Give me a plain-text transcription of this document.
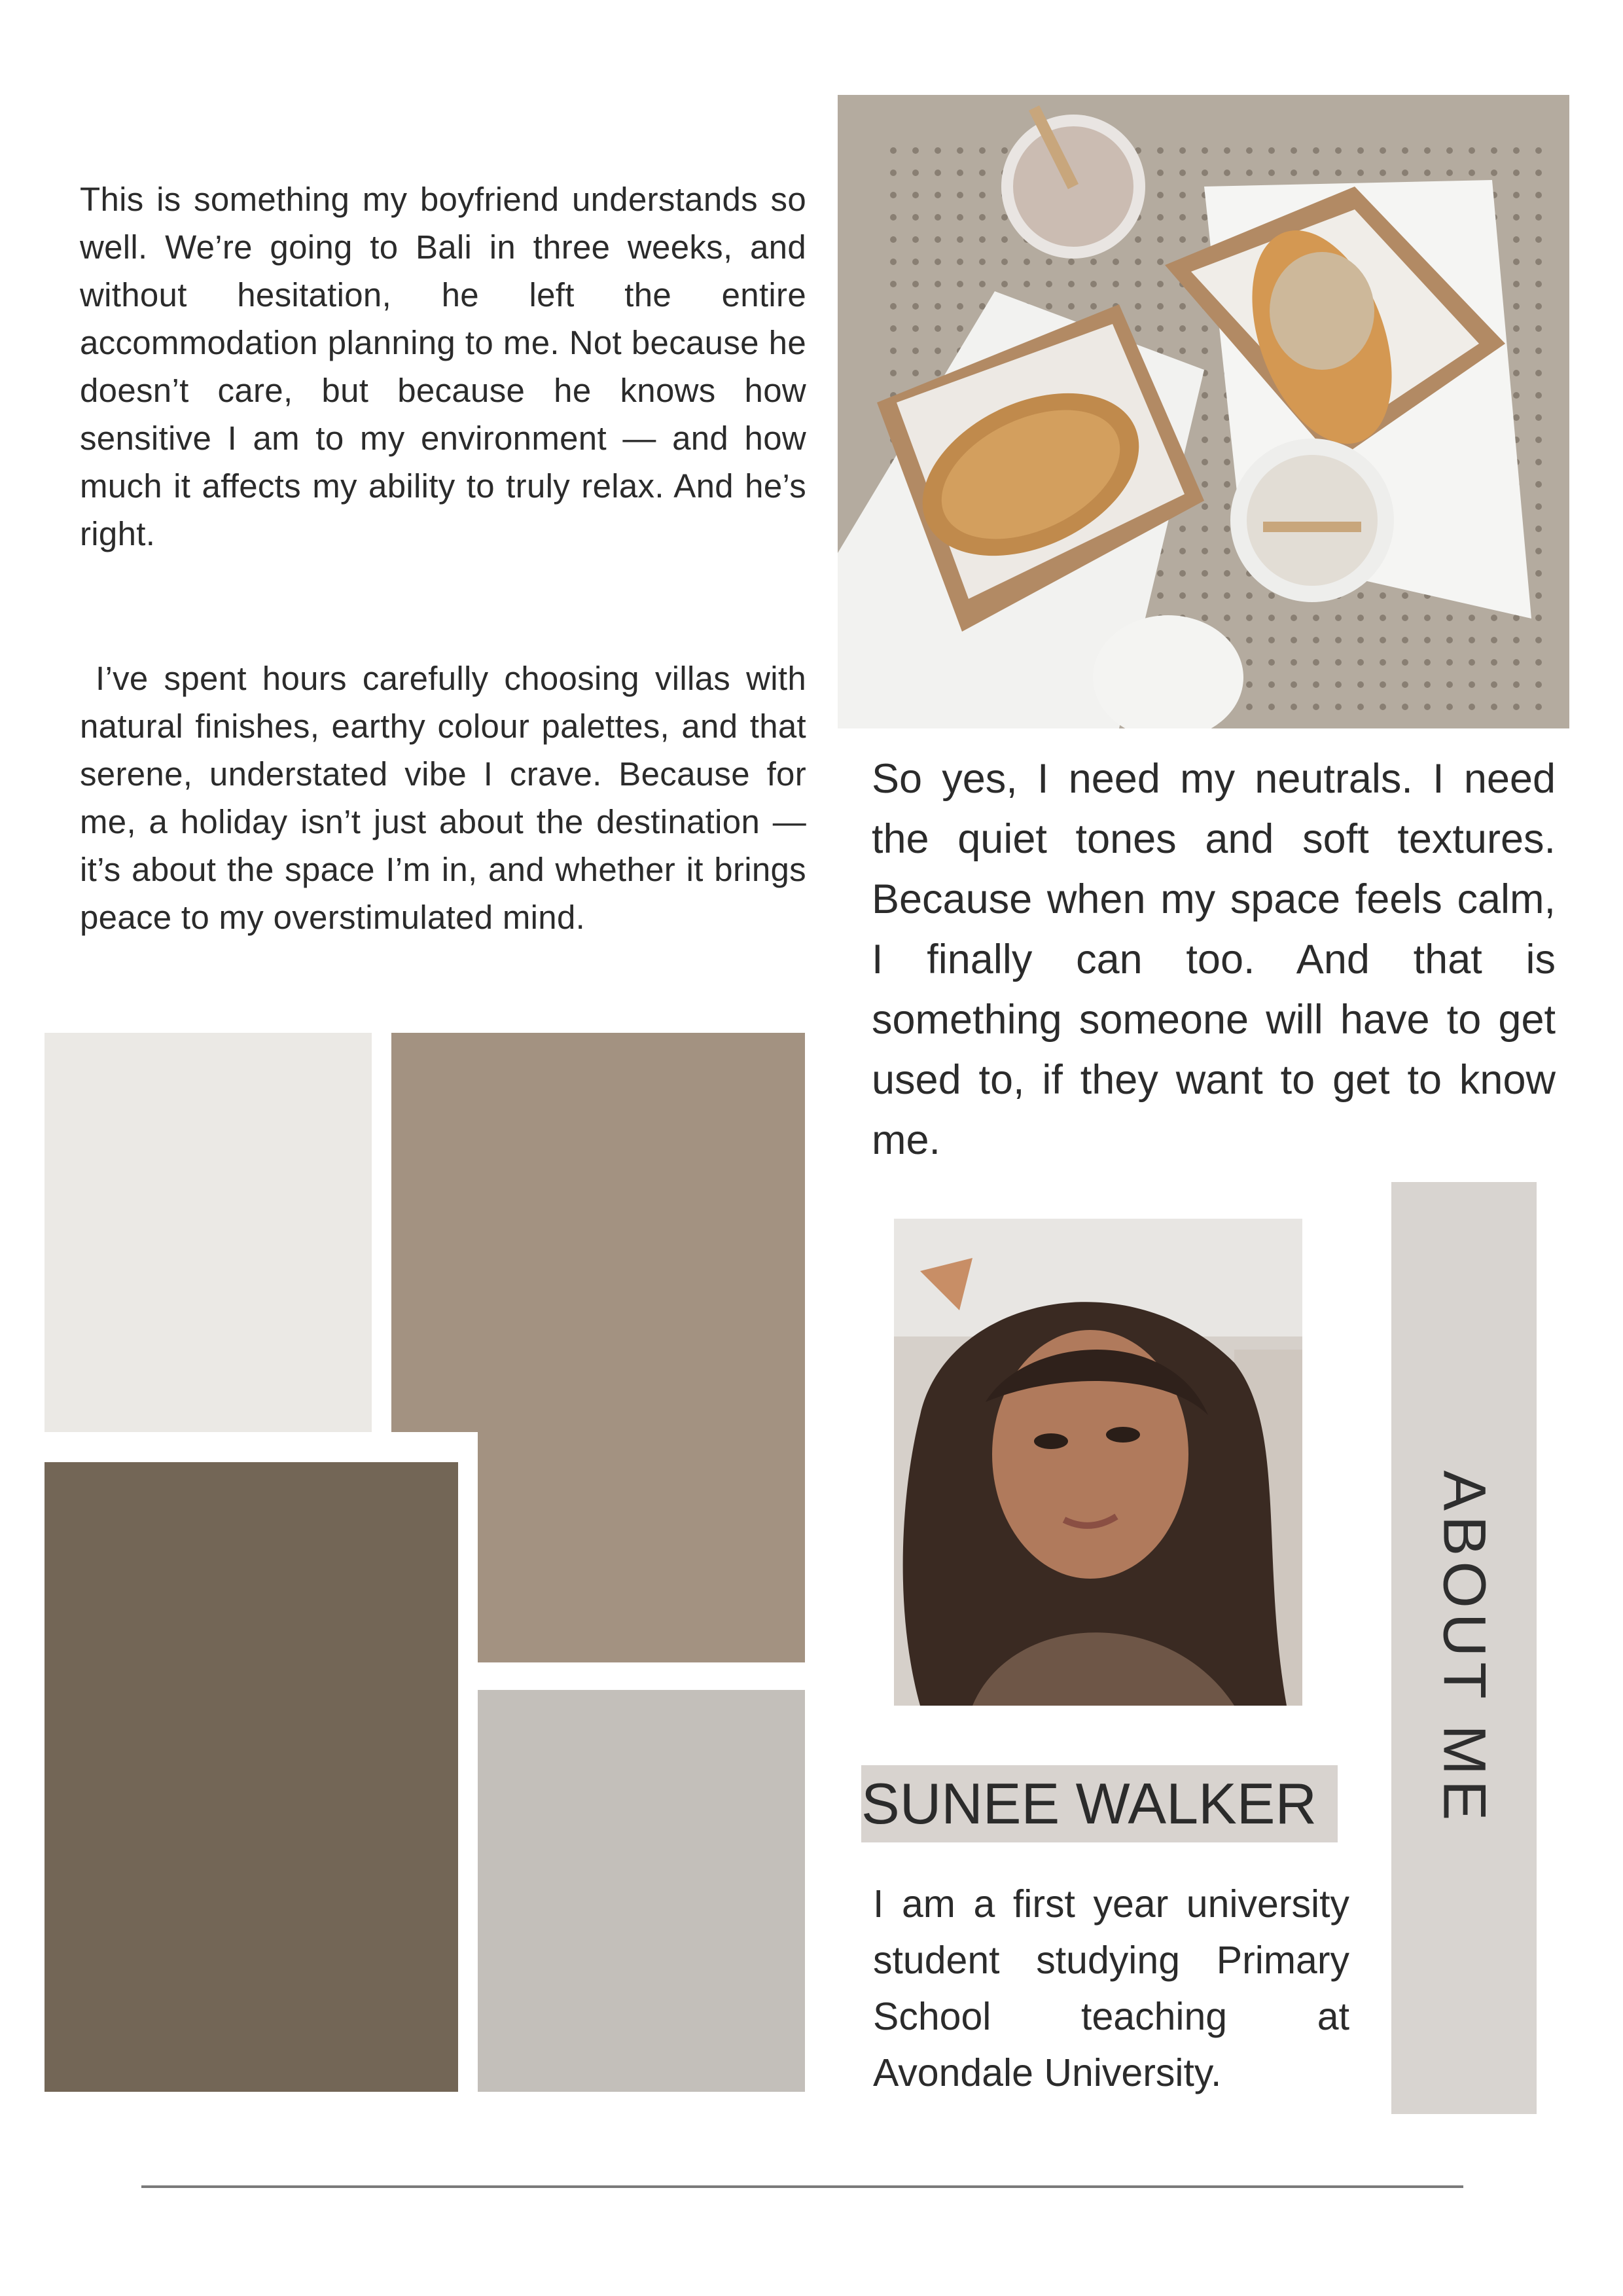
This is something my boyfriend understands so well. We’re going to Bali in three weeks, and without hesitation, he left the entire accommodation planning to me. Not because he doesn’t care, but because he knows how sensitive I am to my environment — and how much it affects my ability to truly relax. And he’s right.

I’ve spent hours carefully choosing villas with natural finishes, earthy colour palettes, and that serene, understated vibe I crave. Because for me, a holiday isn’t just about the destination — it’s about the space I’m in, and whether it brings peace to my overstimulated mind.

So yes, I need my neutrals. I need the quiet tones and soft textures. Because when my space feels calm, I finally can too. And that is something someone will have to get used to, if they want to get to know me.

SUNEE WALKER

I am a first year university student studying Primary School teaching at Avondale University.

ABOUT ME
